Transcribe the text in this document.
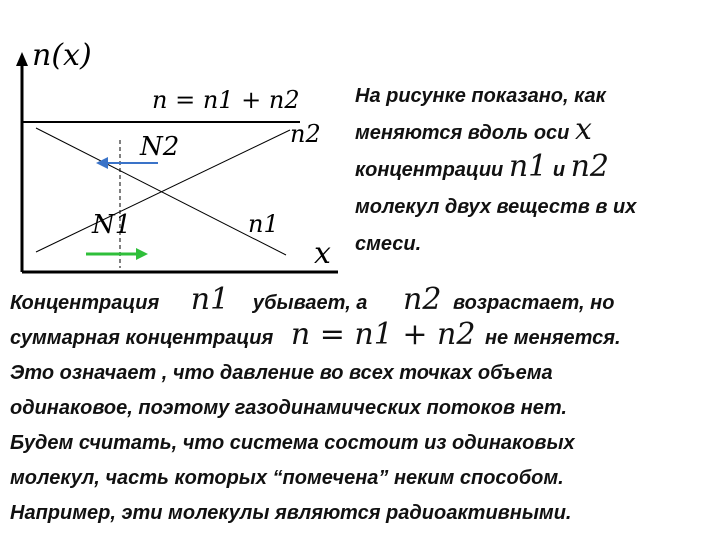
n(x)
x
n = n1 + n2
n2
n1
N2
N1
На рисунке показано, как
меняются вдоль оси x
концентрации n1 и n2
молекул двух веществ в их
смеси.
Концентрация n1 убывает, а n2 возрастает, но
суммарная концентрация n = n1 + n2 не меняется.
Это означает , что давление во всех точках объема
одинаковое, поэтому газодинамических потоков нет.
Будем считать, что система состоит из одинаковых
молекул, часть которых “помечена” неким способом.
Например, эти молекулы являются радиоактивными.
